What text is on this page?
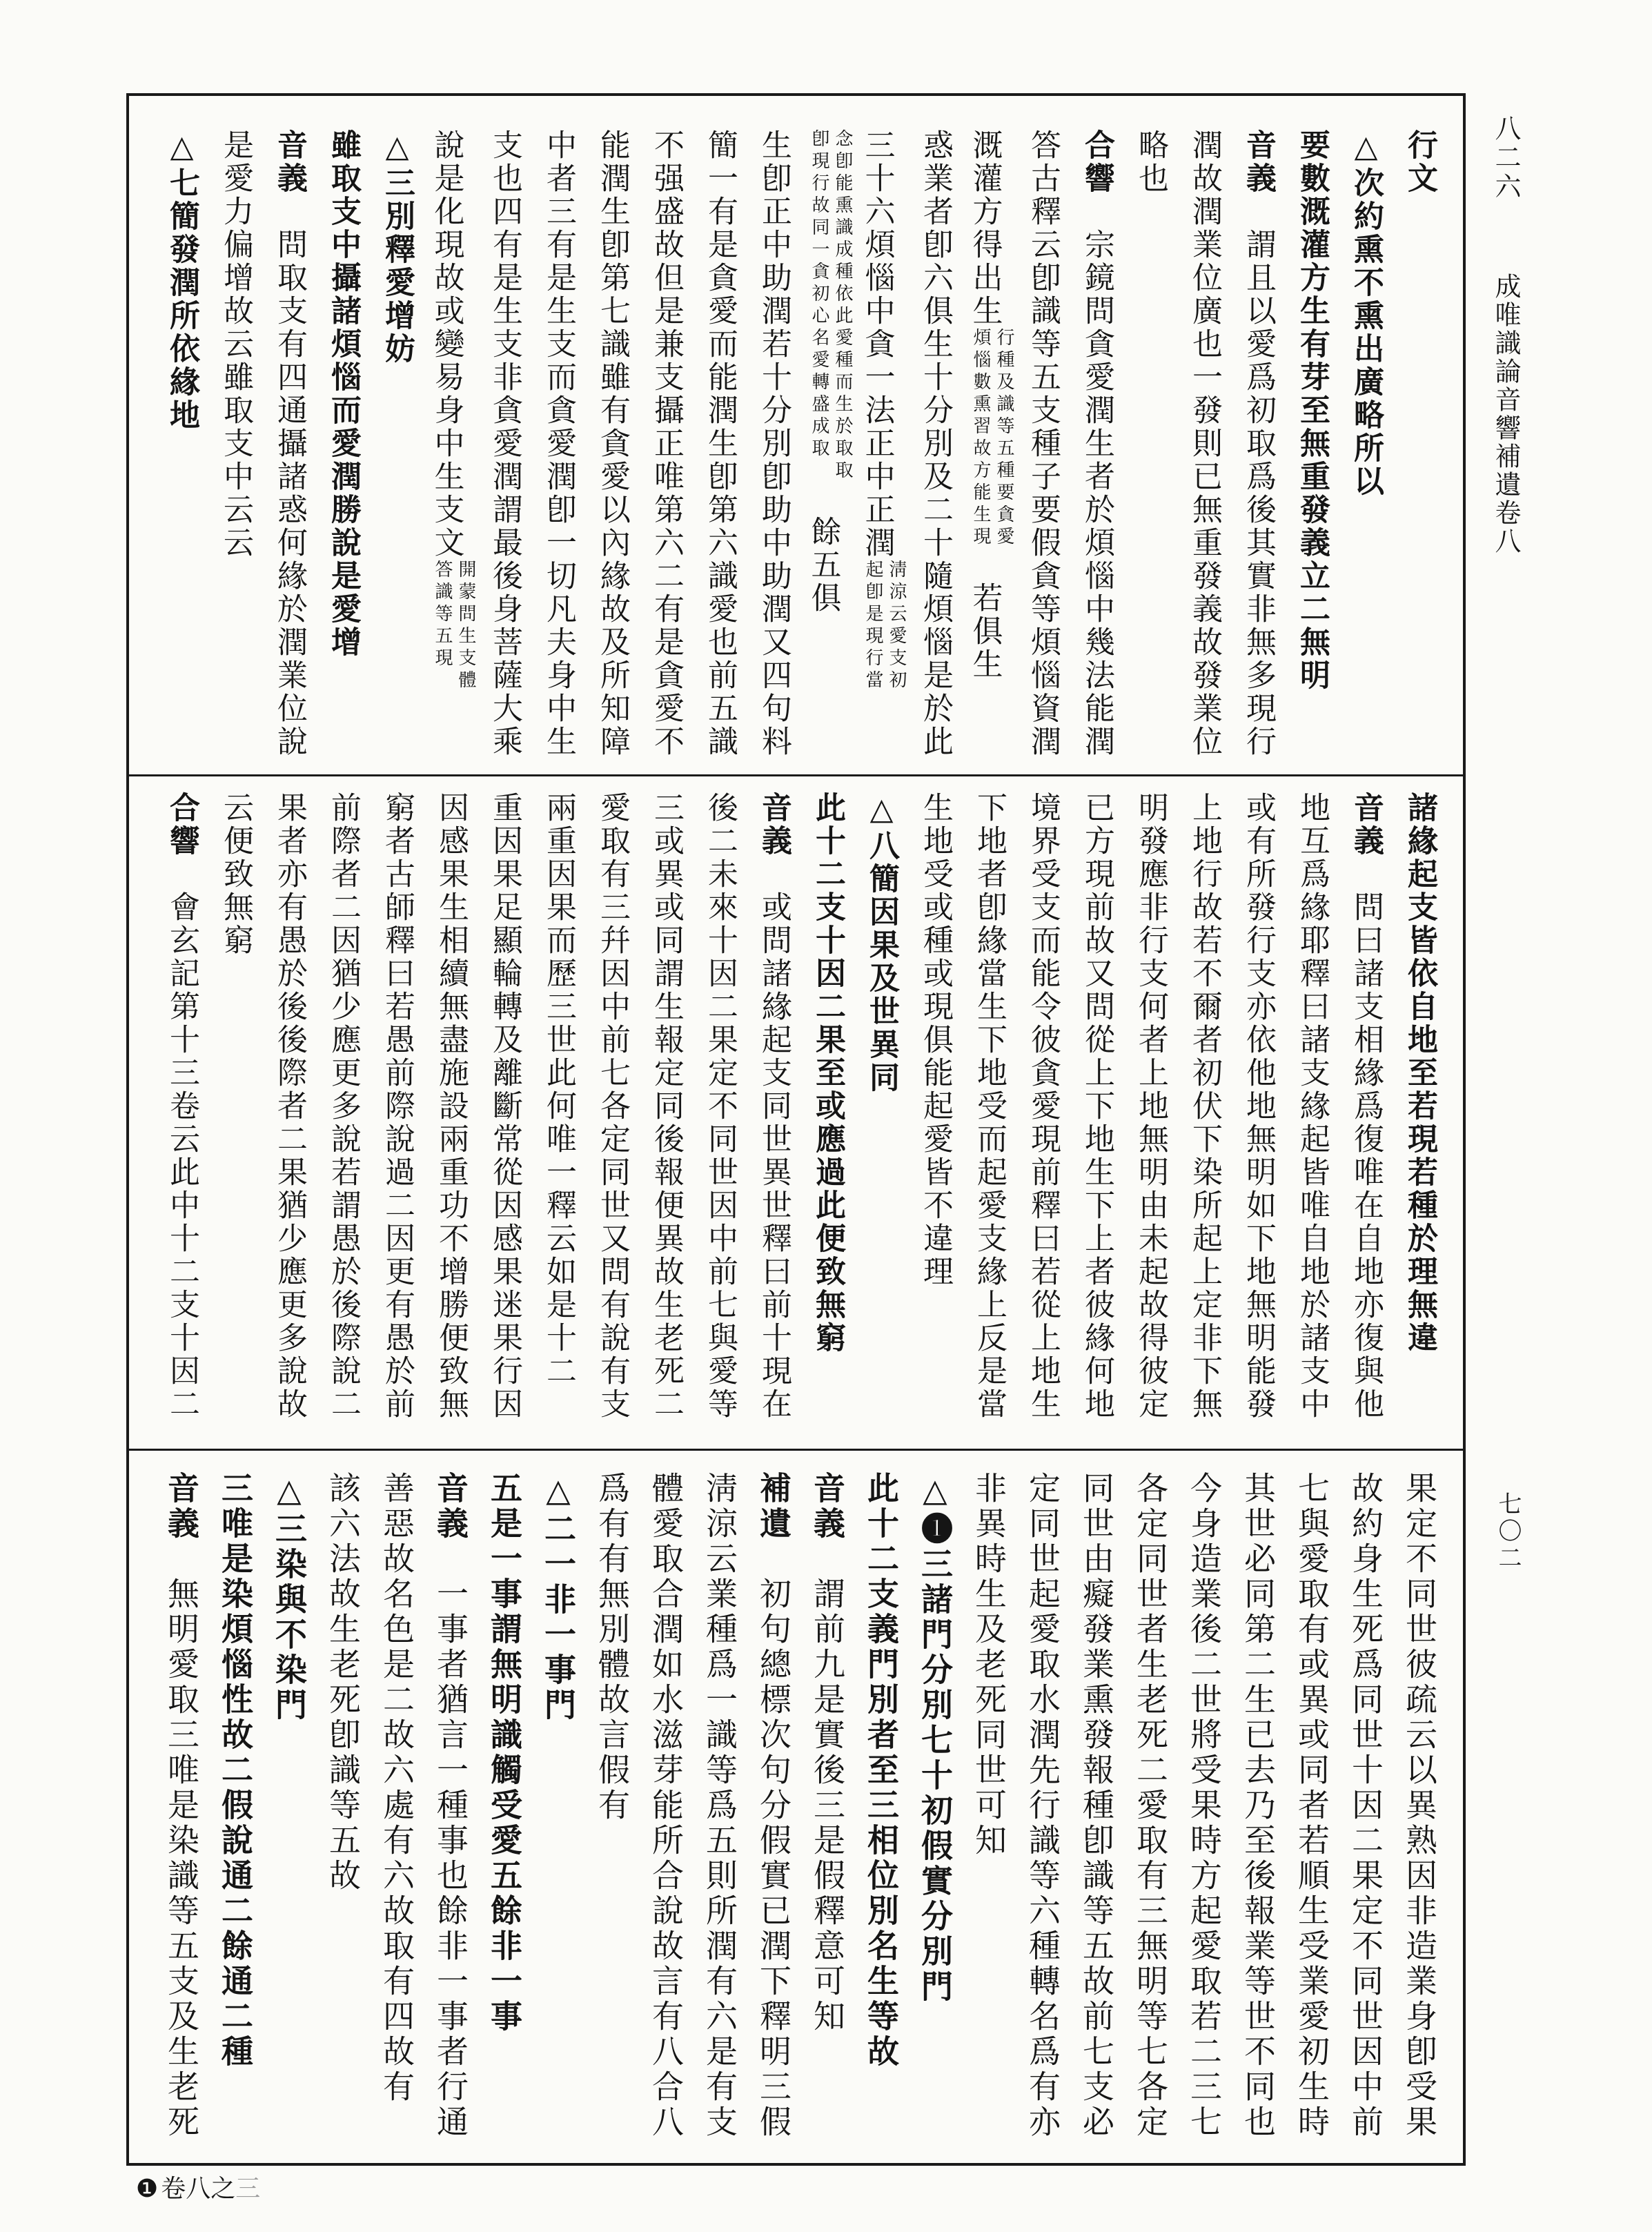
八二六
成唯識論音響補遺卷八
七〇二
行文
△次約熏不熏出廣略所以
要數溉灌方生有芽至無重發義立二無明
音義　謂且以愛爲初取爲後其實非無多現行
潤故潤業位廣也一發則已無重發義故發業位
略也
合響　宗鏡問貪愛潤生者於煩惱中幾法能潤
答古釋云卽識等五支種子要假貪等煩惱資潤
溉灌方得出生
行種及識等五種要貪愛
煩惱數熏習故方能生現
　若俱生
惑業者卽六俱生十分別及二十隨煩惱是於此
三十六煩惱中貪一法正中正潤
淸涼云愛支初
起卽是現行當
念卽能熏識成種依此愛種而生於取取
卽現行故同一貪初心名愛轉盛成取
　餘五俱
生卽正中助潤若十分別卽助中助潤又四句料
簡一有是貪愛而能潤生卽第六識愛也前五識
不强盛故但是兼支攝正唯第六二有是貪愛不
能潤生卽第七識雖有貪愛以內緣故及所知障
中者三有是生支而貪愛潤卽一切凡夫身中生
支也四有是生支非貪愛潤謂最後身菩薩大乘
說是化現故或變易身中生支文
開蒙問生支體
答識等五現
△三別釋愛增妨
雖取支中攝諸煩惱而愛潤勝說是愛增
音義　問取支有四通攝諸惑何緣於潤業位說
是愛力偏增故云雖取支中云云
△七簡發潤所依緣地
諸緣起支皆依自地至若現若種於理無違
音義　問曰諸支相緣爲復唯在自地亦復與他
地互爲緣耶釋曰諸支緣起皆唯自地於諸支中
或有所發行支亦依他地無明如下地無明能發
上地行故若不爾者初伏下染所起上定非下無
明發應非行支何者上地無明由未起故得彼定
已方現前故又問從上下地生下上者彼緣何地
境界受支而能令彼貪愛現前釋曰若從上地生
下地者卽緣當生下地受而起愛支緣上反是當
生地受或種或現俱能起愛皆不違理
△八簡因果及世異同
此十二支十因二果至或應過此便致無窮
音義　或問諸緣起支同世異世釋曰前十現在
後二未來十因二果定不同世因中前七與愛等
三或異或同謂生報定同後報便異故生老死二
愛取有三幷因中前七各定同世又問有說有支
兩重因果而歷三世此何唯一釋云如是十二
重因果足顯輪轉及離斷常從因感果迷果行因
因感果生相續無盡施設兩重功不增勝便致無
窮者古師釋曰若愚前際說過二因更有愚於前
前際者二因猶少應更多說若謂愚於後際說二
果者亦有愚於後後際者二果猶少應更多說故
云便致無窮
合響　會玄記第十三卷云此中十二支十因二
果定不同世彼疏云以異熟因非造業身卽受果
故約身生死爲同世十因二果定不同世因中前
七與愛取有或異或同者若順生受業愛初生時
其世必同第二生已去乃至後報業等世不同也
今身造業後二世將受果時方起愛取若二三七
各定同世者生老死二愛取有三無明等七各定
同世由癡發業熏發報種卽識等五故前七支必
定同世起愛取水潤先行識等六種轉名爲有亦
非異時生及老死同世可知
△❶三諸門分別七十初假實分別門
此十二支義門別者至三相位別名生等故
音義　謂前九是實後三是假釋意可知
補遺　初句總標次句分假實已潤下釋明三假
淸涼云業種爲一識等爲五則所潤有六是有支
體愛取合潤如水滋芽能所合說故言有八合八
爲有有無別體故言假有
△二一非一事門
五是一事謂無明識觸受愛五餘非一事
音義　一事者猶言一種事也餘非一事者行通
善惡故名色是二故六處有六故取有四故有
該六法故生老死卽識等五故
△三染與不染門
三唯是染煩惱性故二假說通二餘通二種
音義　無明愛取三唯是染識等五支及生老死
❶ 卷八之三
